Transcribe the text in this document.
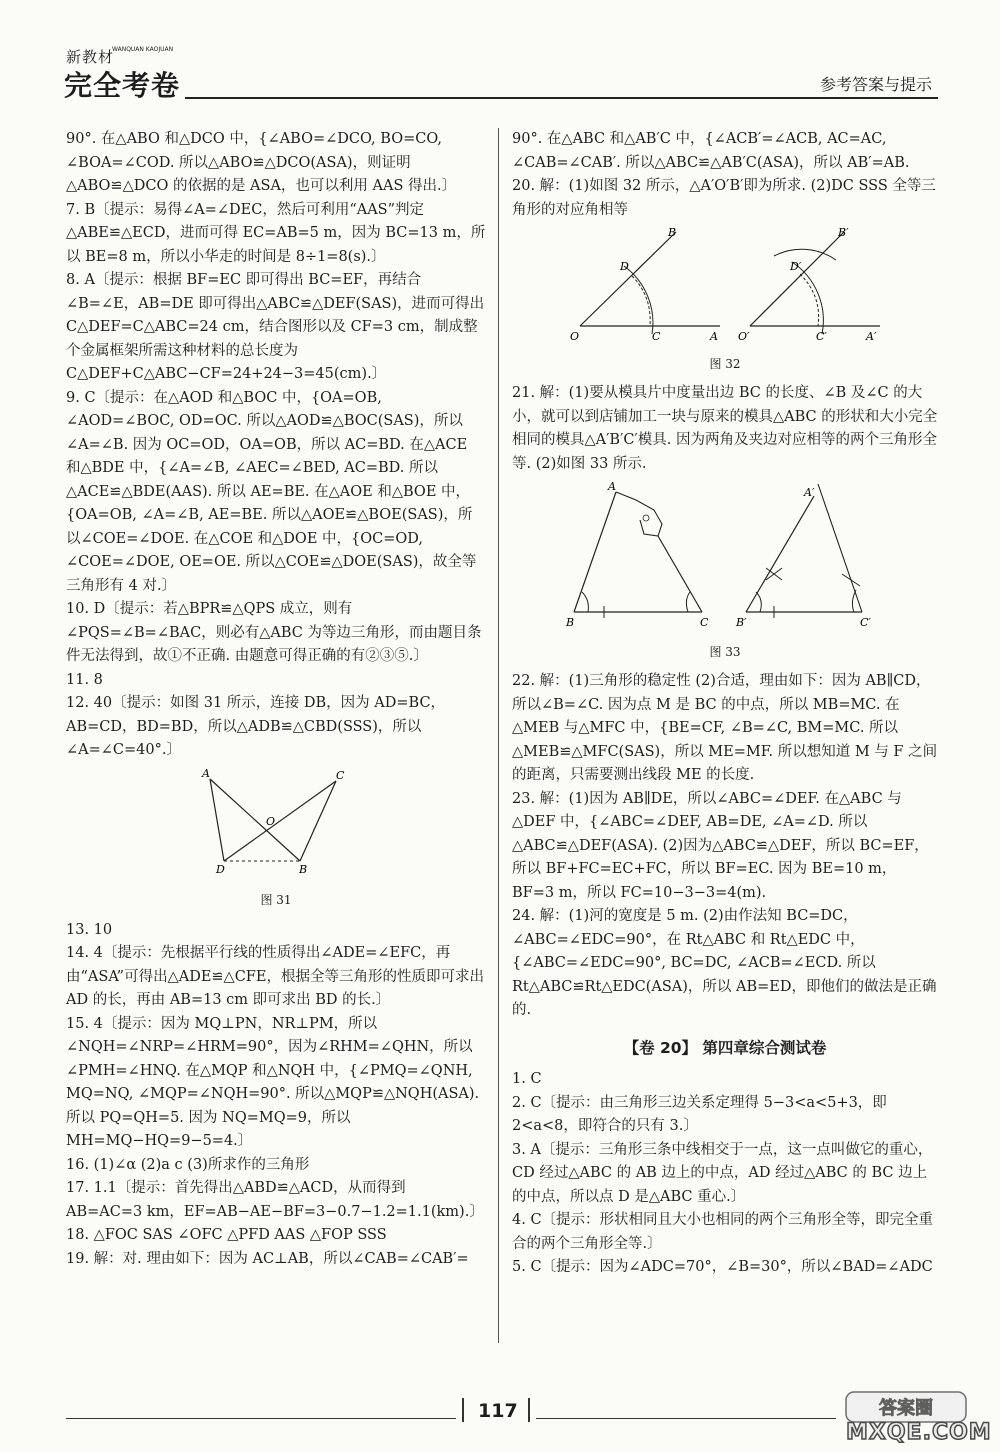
新教材
WANQUAN KAOJUAN
完全考卷	参考答案与提示

90°. 在△ABO 和△DCO 中，{∠ABO=∠DCO, BO=CO, ∠BOA=∠COD. 所以△ABO≌△DCO(ASA)，则证明△ABO≌△DCO 的依据的是 ASA，也可以利用 AAS 得出.〕

7. B〔提示：易得∠A=∠DEC，然后可利用“AAS”判定△ABE≌△ECD，进而可得 EC=AB=5 m，因为 BC=13 m，所以 BE=8 m，所以小华走的时间是 8÷1=8(s).〕

8. A〔提示：根据 BF=EC 即可得出 BC=EF，再结合∠B=∠E，AB=DE 即可得出△ABC≌△DEF(SAS)，进而可得出 C△DEF=C△ABC=24 cm，结合图形以及 CF=3 cm，制成整个金属框架所需这种材料的总长度为 C△DEF+C△ABC−CF=24+24−3=45(cm).〕

9. C〔提示：在△AOD 和△BOC 中，{OA=OB, ∠AOD=∠BOC, OD=OC. 所以△AOD≌△BOC(SAS)，所以∠A=∠B. 因为 OC=OD，OA=OB，所以 AC=BD. 在△ACE 和△BDE 中，{∠A=∠B, ∠AEC=∠BED, AC=BD. 所以△ACE≌△BDE(AAS). 所以 AE=BE. 在△AOE 和△BOE 中，{OA=OB, ∠A=∠B, AE=BE. 所以△AOE≌△BOE(SAS)，所以∠COE=∠DOE. 在△COE 和△DOE 中，{OC=OD, ∠COE=∠DOE, OE=OE. 所以△COE≌△DOE(SAS)，故全等三角形有 4 对.〕

10. D〔提示：若△BPR≌△QPS 成立，则有∠PQS=∠B=∠BAC，则必有△ABC 为等边三角形，而由题目条件无法得到，故①不正确. 由题意可得正确的有②③⑤.〕

11. 8

12. 40〔提示：如图 31 所示，连接 DB，因为 AD=BC，AB=CD，BD=BD，所以△ADB≌△CBD(SSS)，所以∠A=∠C=40°.〕

A	C
O
D	B
图 31

13. 10

14. 4〔提示：先根据平行线的性质得出∠ADE=∠EFC，再由“ASA”可得出△ADE≌△CFE，根据全等三角形的性质即可求出 AD 的长，再由 AB=13 cm 即可求出 BD 的长.〕

15. 4〔提示：因为 MQ⊥PN，NR⊥PM，所以∠NQH=∠NRP=∠HRM=90°，因为∠RHM=∠QHN，所以∠PMH=∠HNQ. 在△MQP 和△NQH 中，{∠PMQ=∠QNH, MQ=NQ, ∠MQP=∠NQH=90°. 所以△MQP≌△NQH(ASA). 所以 PQ=QH=5. 因为 NQ=MQ=9，所以 MH=MQ−HQ=9−5=4.〕

16. (1)∠α (2)a c (3)所求作的三角形

17. 1.1〔提示：首先得出△ABD≌△ACD，从而得到 AB=AC=3 km，EF=AB−AE−BF=3−0.7−1.2=1.1(km).〕

18. △FOC SAS ∠OFC △PFD AAS △FOP SSS

19. 解：对. 理由如下：因为 AC⊥AB，所以∠CAB=∠CAB′=

90°. 在△ABC 和△AB′C 中，{∠ACB′=∠ACB, AC=AC, ∠CAB=∠CAB′. 所以△ABC≌△AB′C(ASA)，所以 AB′=AB.

20. 解：(1)如图 32 所示，△A′O′B′即为所求. (2)DC SSS 全等三角形的对应角相等

B
D
O	C	A
B′
D′
O′	C′	A′
图 32

21. 解：(1)要从模具片中度量出边 BC 的长度、∠B 及∠C 的大小，就可以到店铺加工一块与原来的模具△ABC 的形状和大小完全相同的模具△A′B′C′模具. 因为两角及夹边对应相等的两个三角形全等. (2)如图 33 所示.

A
B	C
A′
B′	C′
图 33

22. 解：(1)三角形的稳定性 (2)合适，理由如下：因为 AB∥CD，所以∠B=∠C. 因为点 M 是 BC 的中点，所以 MB=MC. 在△MEB 与△MFC 中，{BE=CF, ∠B=∠C, BM=MC. 所以△MEB≌△MFC(SAS)，所以 ME=MF. 所以想知道 M 与 F 之间的距离，只需要测出线段 ME 的长度.

23. 解：(1)因为 AB∥DE，所以∠ABC=∠DEF. 在△ABC 与△DEF 中，{∠ABC=∠DEF, AB=DE, ∠A=∠D. 所以△ABC≌△DEF(ASA). (2)因为△ABC≌△DEF，所以 BC=EF，所以 BF+FC=EC+FC，所以 BF=EC. 因为 BE=10 m，BF=3 m，所以 FC=10−3−3=4(m).

24. 解：(1)河的宽度是 5 m. (2)由作法知 BC=DC，∠ABC=∠EDC=90°，在 Rt△ABC 和 Rt△EDC 中，{∠ABC=∠EDC=90°, BC=DC, ∠ACB=∠ECD. 所以 Rt△ABC≌Rt△EDC(ASA)，所以 AB=ED，即他们的做法是正确的.

【卷 20】 第四章综合测试卷

1. C

2. C〔提示：由三角形三边关系定理得 5−3<a<5+3，即 2<a<8，即符合的只有 3.〕

3. A〔提示：三角形三条中线相交于一点，这一点叫做它的重心，CD 经过△ABC 的 AB 边上的中点，AD 经过△ABC 的 BC 边上的中点，所以点 D 是△ABC 重心.〕

4. C〔提示：形状相同且大小也相同的两个三角形全等，即完全重合的两个三角形全等.〕

5. C〔提示：因为∠ADC=70°，∠B=30°，所以∠BAD=∠ADC

117	答案圈
MXQE.COM
